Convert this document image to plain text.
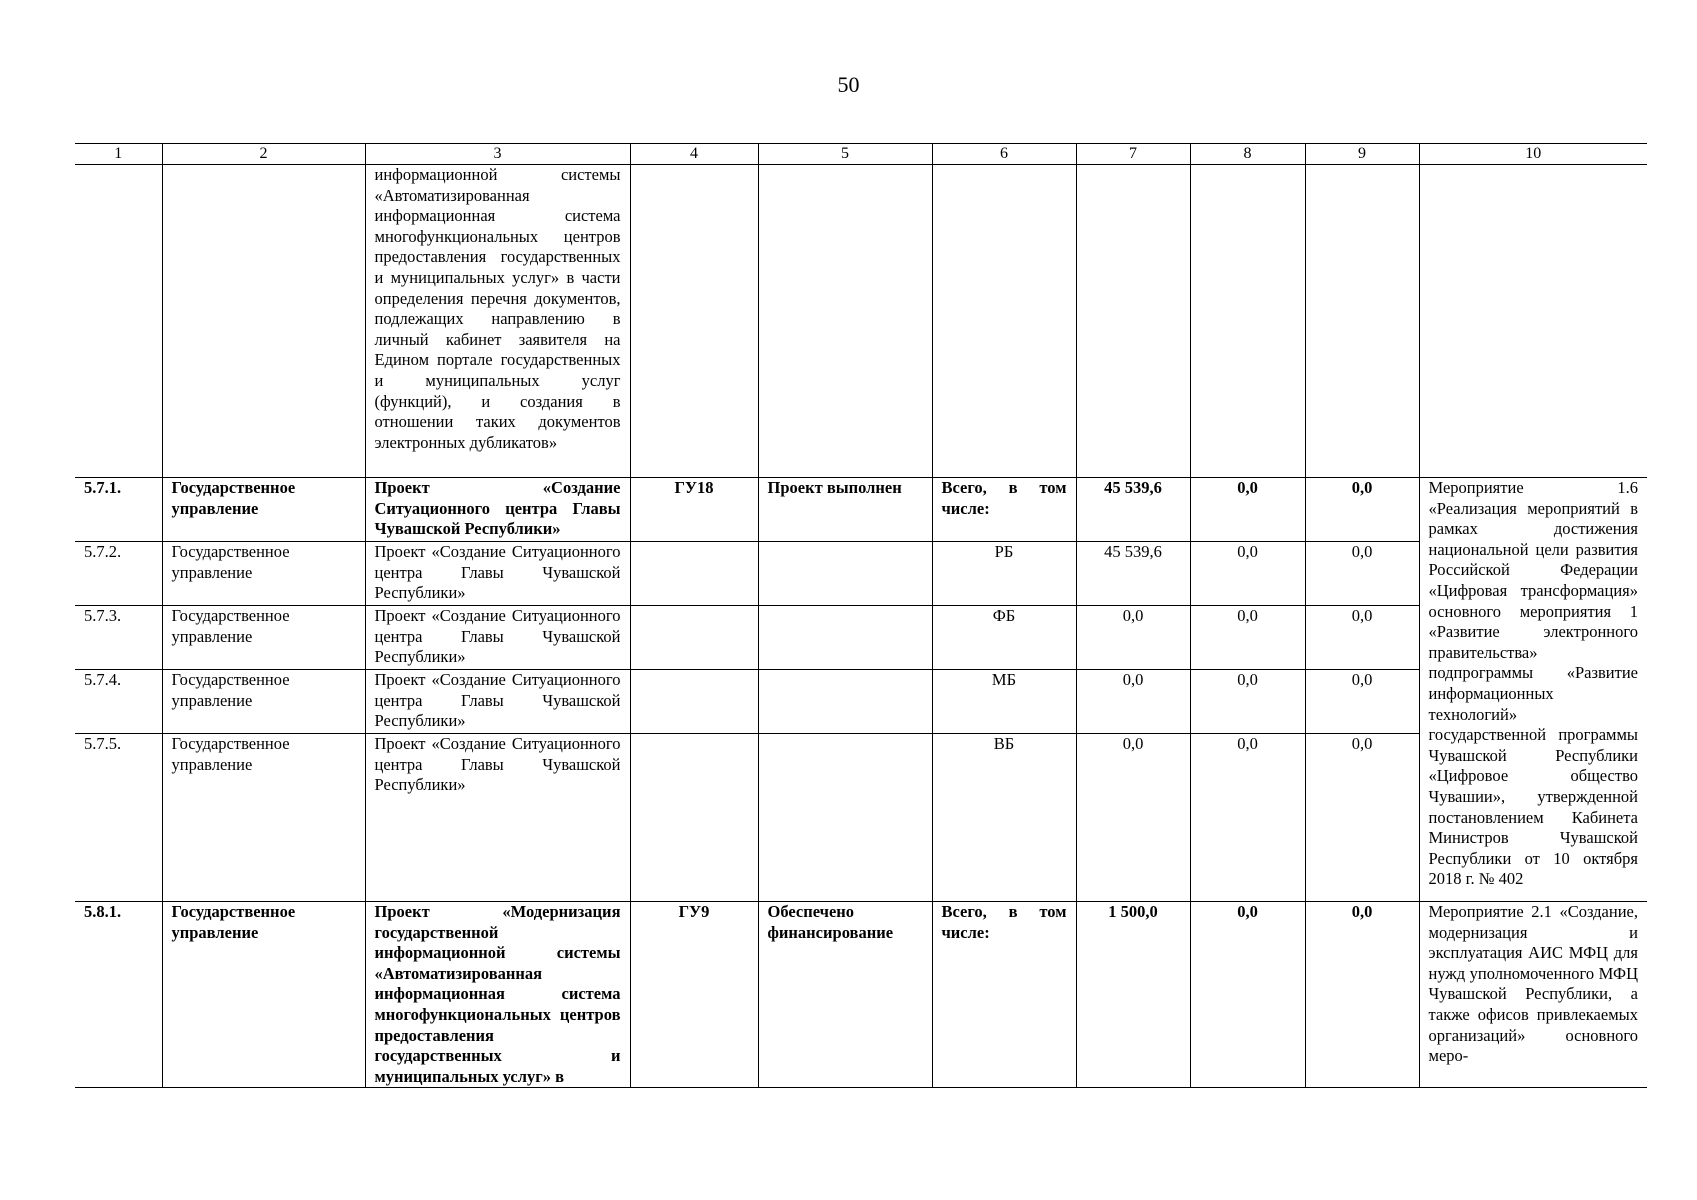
50
1	2	3	4	5	6	7	8	9	10
		информационной системы «Автоматизированная информационная система многофункциональных центров предоставления государственных и муниципальных услуг» в части определения перечня документов, подлежащих направлению в личный кабинет заявителя на Едином портале государственных и муниципальных услуг (функций), и создания в отношении таких документов электронных дубликатов»							
5.7.1.	Государственное управление	Проект «Создание Ситуационного центра Главы Чувашской Республики»	ГУ18	Проект выполнен	Всего, в том числе:	45 539,6	0,0	0,0	Мероприятие 1.6 «Реализация мероприятий в рамках достижения национальной цели развития Российской Федерации «Цифровая трансформация» основного мероприятия 1 «Развитие электронного правительства» подпрограммы «Развитие информационных технологий» государственной программы Чувашской Республики «Цифровое общество Чувашии», утвержденной постановлением Кабинета Министров Чувашской Республики от 10 октября 2018 г. № 402
5.7.2.	Государственное управление	Проект «Создание Ситуационного центра Главы Чувашской Республики»			РБ	45 539,6	0,0	0,0	
5.7.3.	Государственное управление	Проект «Создание Ситуационного центра Главы Чувашской Республики»			ФБ	0,0	0,0	0,0	
5.7.4.	Государственное управление	Проект «Создание Ситуационного центра Главы Чувашской Республики»			МБ	0,0	0,0	0,0	
5.7.5.	Государственное управление	Проект «Создание Ситуационного центра Главы Чувашской Республики»			ВБ	0,0	0,0	0,0	
5.8.1.	Государственное управление	Проект «Модернизация государственной информационной системы «Автоматизированная информационная система многофункциональных центров предоставления государственных и муниципальных услуг» в	ГУ9	Обеспечено финансирование	Всего, в том числе:	1 500,0	0,0	0,0	Мероприятие 2.1 «Создание, модернизация и эксплуатация АИС МФЦ для нужд уполномоченного МФЦ Чувашской Республики, а также офисов привлекаемых организаций» основного меро-
